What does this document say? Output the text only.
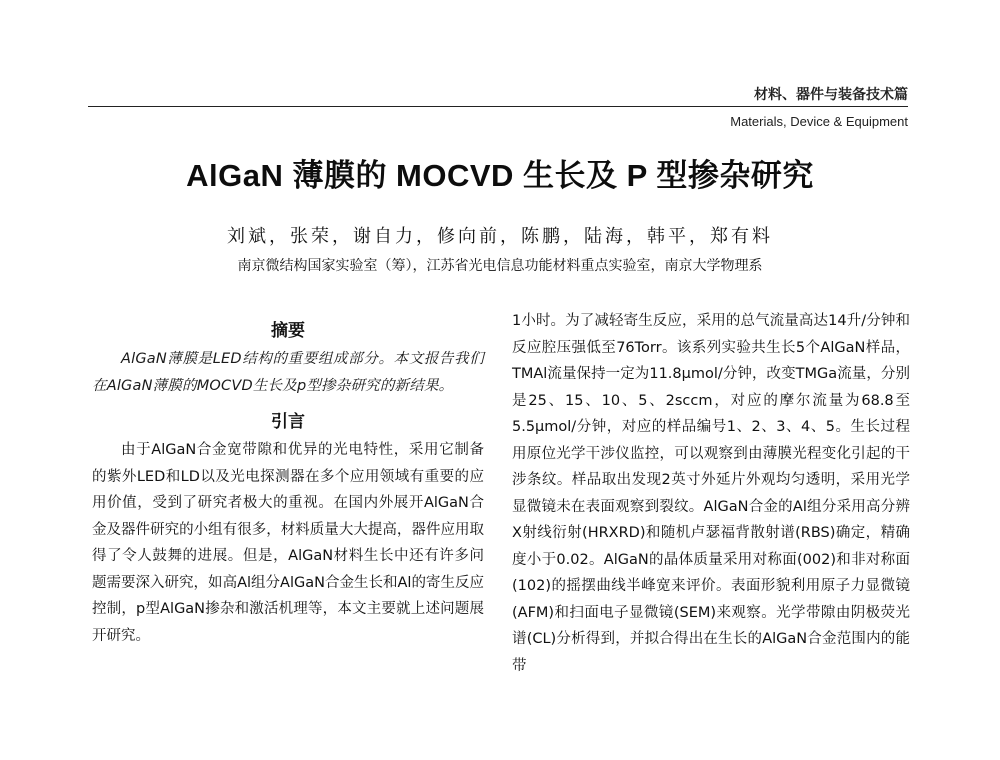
材料、器件与装备技术篇
Materials, Device & Equipment
AlGaN 薄膜的 MOCVD 生长及 P 型掺杂研究
刘斌，张荣，谢自力，修向前，陈鹏，陆海，韩平，郑有料
南京微结构国家实验室（筹），江苏省光电信息功能材料重点实验室，南京大学物理系

摘要

AlGaN薄膜是LED结构的重要组成部分。本文报告我们在AlGaN薄膜的MOCVD生长及p型掺杂研究的新结果。

引言

由于AlGaN合金宽带隙和优异的光电特性，采用它制备的紫外LED和LD以及光电探测器在多个应用领域有重要的应用价值，受到了研究者极大的重视。在国内外展开AlGaN合金及器件研究的小组有很多，材料质量大大提高，器件应用取得了令人鼓舞的进展。但是，AlGaN材料生长中还有许多问题需要深入研究，如高Al组分AlGaN合金生长和Al的寄生反应控制，p型AlGaN掺杂和激活机理等，本文主要就上述问题展开研究。

1小时。为了减轻寄生反应，采用的总气流量高达14升/分钟和反应腔压强低至76Torr。该系列实验共生长5个AlGaN样品，TMAl流量保持一定为11.8μmol/分钟，改变TMGa流量，分别是25、15、10、5、2sccm，对应的摩尔流量为68.8至5.5μmol/分钟，对应的样品编号1、2、3、4、5。生长过程用原位光学干涉仪监控，可以观察到由薄膜光程变化引起的干涉条纹。样品取出发现2英寸外延片外观均匀透明，采用光学显微镜未在表面观察到裂纹。AlGaN合金的Al组分采用高分辨X射线衍射(HRXRD)和随机卢瑟福背散射谱(RBS)确定，精确度小于0.02。AlGaN的晶体质量采用对称面(002)和非对称面(102)的摇摆曲线半峰宽来评价。表面形貌利用原子力显微镜(AFM)和扫面电子显微镜(SEM)来观察。光学带隙由阴极荧光谱(CL)分析得到，并拟合得出在生长的AlGaN合金范围内的能带
